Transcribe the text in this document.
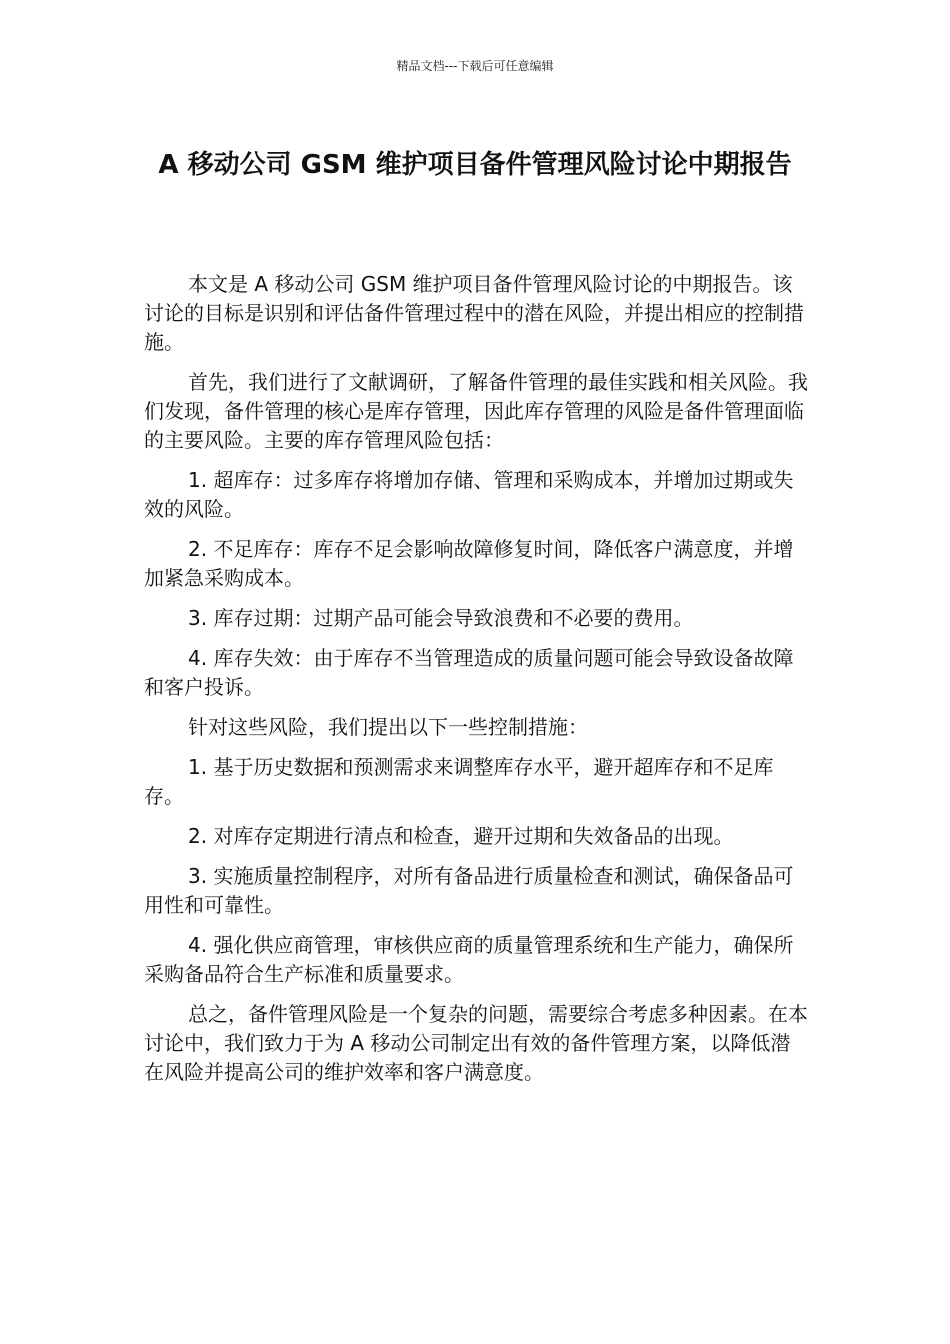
精品文档---下载后可任意编辑
A 移动公司 GSM 维护项目备件管理风险讨论中期报告

本文是 A 移动公司 GSM 维护项目备件管理风险讨论的中期报告。该讨论的目标是识别和评估备件管理过程中的潜在风险，并提出相应的控制措施。

首先，我们进行了文献调研，了解备件管理的最佳实践和相关风险。我们发现，备件管理的核心是库存管理，因此库存管理的风险是备件管理面临的主要风险。主要的库存管理风险包括：

1. 超库存：过多库存将增加存储、管理和采购成本，并增加过期或失效的风险。

2. 不足库存：库存不足会影响故障修复时间，降低客户满意度，并增加紧急采购成本。

3. 库存过期：过期产品可能会导致浪费和不必要的费用。

4. 库存失效：由于库存不当管理造成的质量问题可能会导致设备故障和客户投诉。

针对这些风险，我们提出以下一些控制措施：

1. 基于历史数据和预测需求来调整库存水平，避开超库存和不足库存。

2. 对库存定期进行清点和检查，避开过期和失效备品的出现。

3. 实施质量控制程序，对所有备品进行质量检查和测试，确保备品可用性和可靠性。

4. 强化供应商管理，审核供应商的质量管理系统和生产能力，确保所采购备品符合生产标准和质量要求。

总之，备件管理风险是一个复杂的问题，需要综合考虑多种因素。在本讨论中，我们致力于为 A 移动公司制定出有效的备件管理方案，以降低潜在风险并提高公司的维护效率和客户满意度。
